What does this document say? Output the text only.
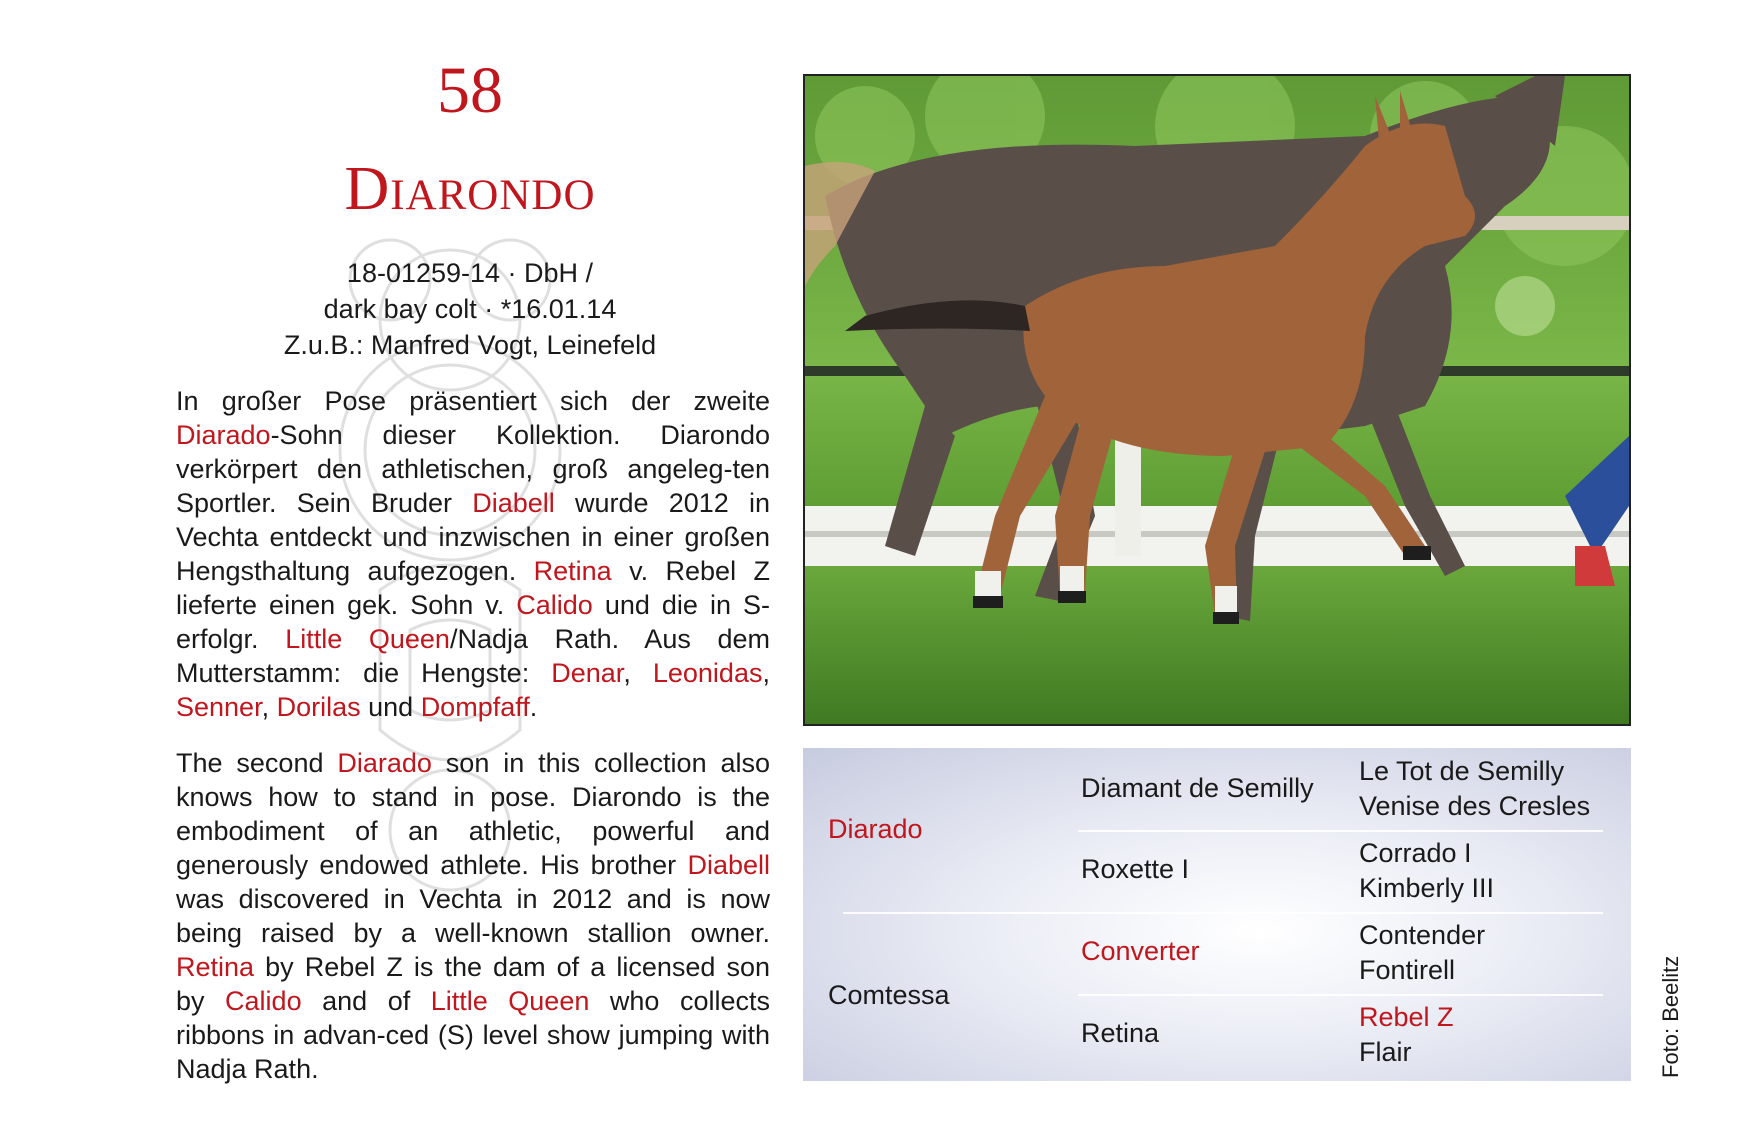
58
Diarondo
18-01259-14 · DbH /
dark bay colt · *16.01.14
Z.u.B.: Manfred Vogt, Leinefeld
In großer Pose präsentiert sich der zweite Diarado-Sohn dieser Kollektion. Diarondo verkörpert den athletischen, groß angeleg-ten Sportler. Sein Bruder Diabell wurde 2012 in Vechta entdeckt und inzwischen in einer großen Hengsthaltung aufgezogen. Retina v. Rebel Z lieferte einen gek. Sohn v. Calido und die in S-erfolgr. Little Queen/Nadja Rath. Aus dem Mutterstamm: die Hengste: Denar, Leonidas, Senner, Dorilas und Dompfaff.
The second Diarado son in this collection also knows how to stand in pose. Diarondo is the embodiment of an athletic, powerful and generously endowed athlete. His brother Diabell was discovered in Vechta in 2012 and is now being raised by a well-known stallion owner. Retina by Rebel Z is the dam of a licensed son by Calido and of Little Queen who collects ribbons in advan-ced (S) level show jumping with Nadja Rath.
Diarado
Comtessa
Diamant de Semilly
Roxette I
Converter
Retina
Le Tot de Semilly
Venise des Cresles
Corrado I
Kimberly III
Contender
Fontirell
Rebel Z
Flair	Foto: Beelitz
